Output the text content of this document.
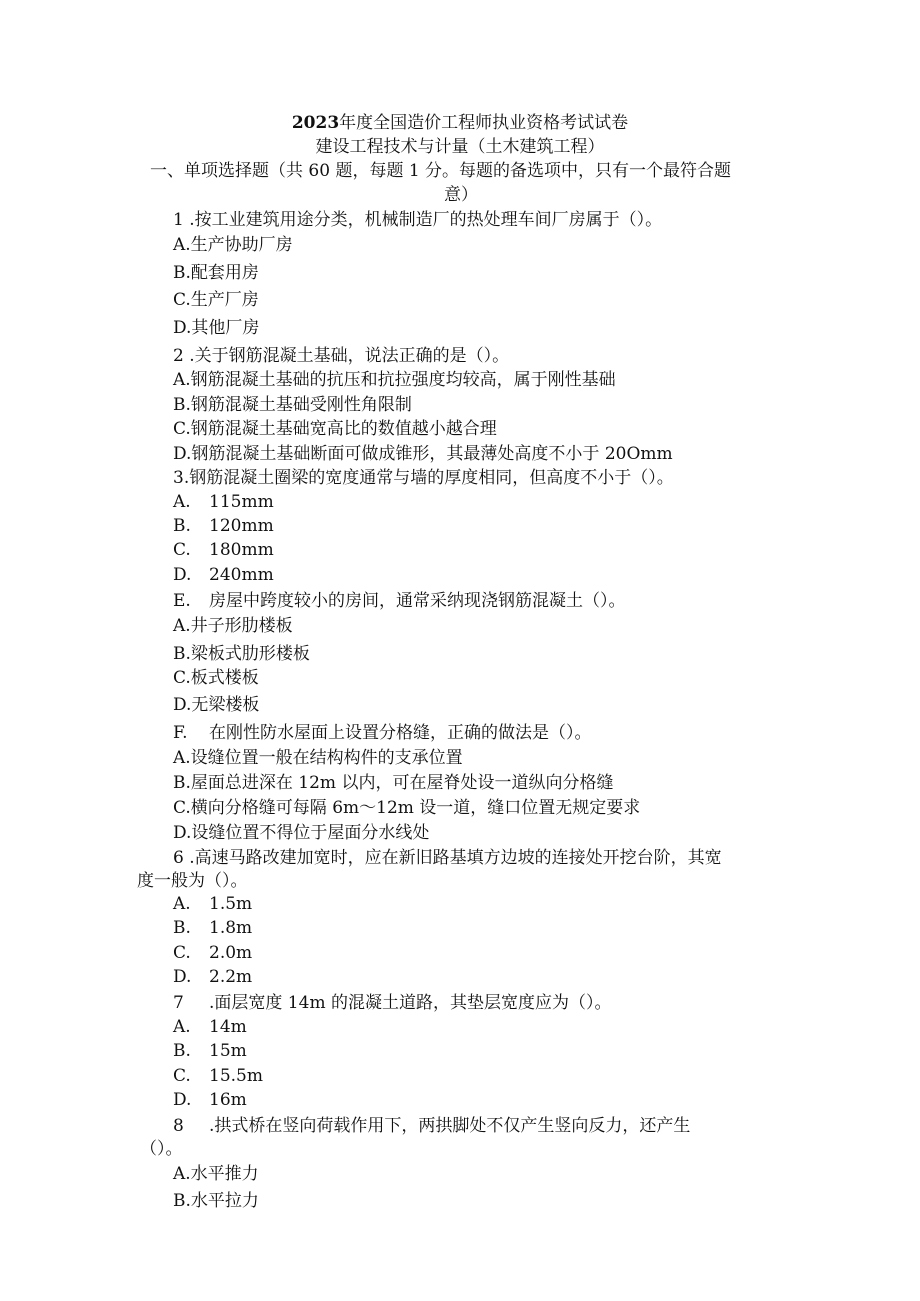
2023年度全国造价工程师执业资格考试试卷
建设工程技术与计量（土木建筑工程）
一、单项选择题（共 60 题，每题 1 分。每题的备选项中，只有一个最符合题
意）
1 .按工业建筑用途分类，机械制造厂的热处理车间厂房属于（）。
A.生产协助厂房
B.配套用房
C.生产厂房
D.其他厂房
2 .关于钢筋混凝土基础，说法正确的是（）。
A.钢筋混凝土基础的抗压和抗拉强度均较高，属于刚性基础
B.钢筋混凝土基础受刚性角限制
C.钢筋混凝土基础宽高比的数值越小越合理
D.钢筋混凝土基础断面可做成锥形，其最薄处高度不小于 20Omm
3.钢筋混凝土圈梁的宽度通常与墙的厚度相同，但高度不小于（）。
A. 115mm
B. 120mm
C. 180mm
D. 240mm
E. 房屋中跨度较小的房间，通常采纳现浇钢筋混凝土（）。
A.井子形肋楼板
B.梁板式肋形楼板
C.板式楼板
D.无梁楼板
F. 在刚性防水屋面上设置分格缝，正确的做法是（）。
A.设缝位置一般在结构构件的支承位置
B.屋面总进深在 12m 以内，可在屋脊处设一道纵向分格缝
C.横向分格缝可每隔 6m～12m 设一道，缝口位置无规定要求
D.设缝位置不得位于屋面分水线处
6 .高速马路改建加宽时，应在新旧路基填方边坡的连接处开挖台阶，其宽
度一般为（）。
A. 1.5m
B. 1.8m
C. 2.0m
D. 2.2m
7 .面层宽度 14m 的混凝土道路，其垫层宽度应为（）。
A. 14m
B. 15m
C. 15.5m
D. 16m
8 .拱式桥在竖向荷载作用下，两拱脚处不仅产生竖向反力，还产生
（）。
A.水平推力
B.水平拉力
